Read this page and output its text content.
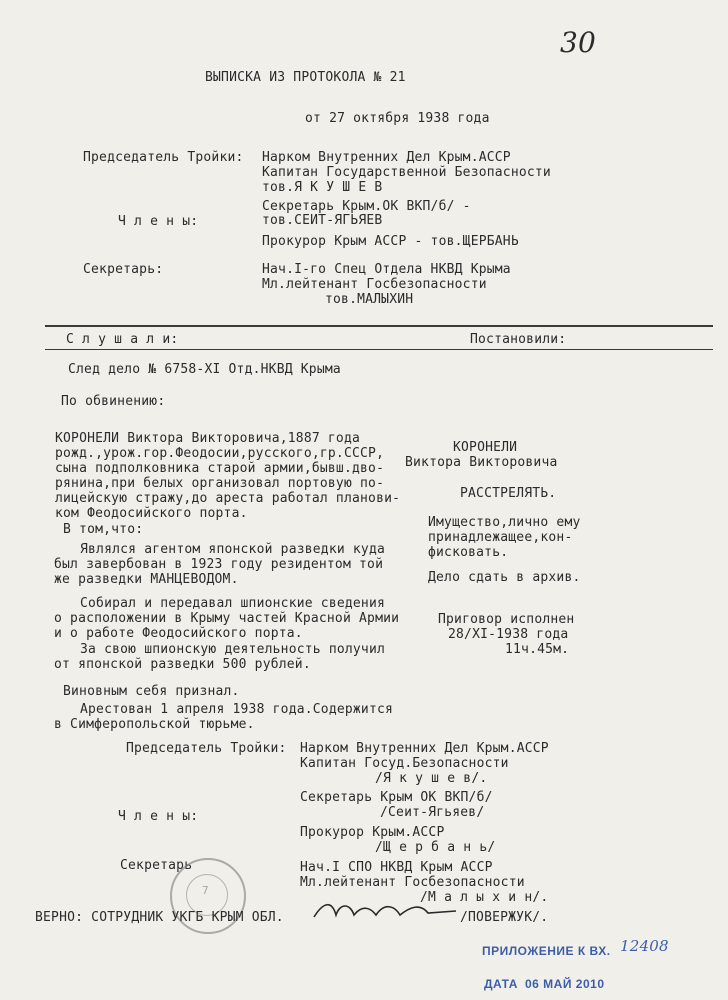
30
ВЫПИСКА ИЗ ПРОТОКОЛА № 21
от 27 октября 1938 года
Председатель Тройки: Нарком Внутренних Дел Крым.АССР
Капитан Государственной Безопасности
тов.Я К У Ш Е В
Секретарь Крым.ОК ВКП/б/ -
Ч л е н ы:	тов.СЕИТ-ЯГЬЯЕВ
Прокурор Крым АССР - тов.ЩЕРБАНЬ
Секретарь:	Нач.I-го Спец Отдела НКВД Крыма
Мл.лейтенант Госбезопасности
тов.МАЛЫХИН
С л у ш а л и:	Постановили:
След дело № 6758-XI Отд.НКВД Крыма
По обвинению:
КОРОНЕЛИ Виктора Викторовича,1887 года
рожд.,урож.гор.Феодосии,русского,гр.СССР,
сына подполковника старой армии,бывш.дво-
рянина,при белых организовал портовую по-
лицейскую стражу,до ареста работал планови-
ком Феодосийского порта.
В том,что:
Являлся агентом японской разведки куда
был завербован в 1923 году резидентом той
же разведки МАНЦЕВОДОМ.
Собирал и передавал шпионские сведения
о расположении в Крыму частей Красной Армии
и о работе Феодосийского порта.
За свою шпионскую деятельность получил
от японской разведки 500 рублей.
Виновным себя признал.
Арестован 1 апреля 1938 года.Содержится
в Симферопольской тюрьме.
КОРОНЕЛИ
Виктора Викторовича
РАССТРЕЛЯТЬ.
Имущество,лично ему
принадлежащее,кон-
фисковать.
Дело сдать в архив.
Приговор исполнен
28/XI-1938 года
11ч.45м.
Председатель Тройки: Нарком Внутренних Дел Крым.АССР
Капитан Госуд.Безопасности
/Я к у ш е в/.
Секретарь Крым ОК ВКП/б/
/Сеит-Ягьяев/
Ч л е н ы:
Прокурор Крым.АССР
/Щ е р б а н ь/
Секретарь	Нач.I СПО НКВД Крым АССР
Мл.лейтенант Госбезопасности
/М а л ы х и н/.
7
ВЕРНО: СОТРУДНИК УКГБ КРЫМ ОБЛ.	/ПОВЕРЖУК/.
ПРИЛОЖЕНИЕ К ВХ. 12408
ДАТА 06 МАЙ 2010
